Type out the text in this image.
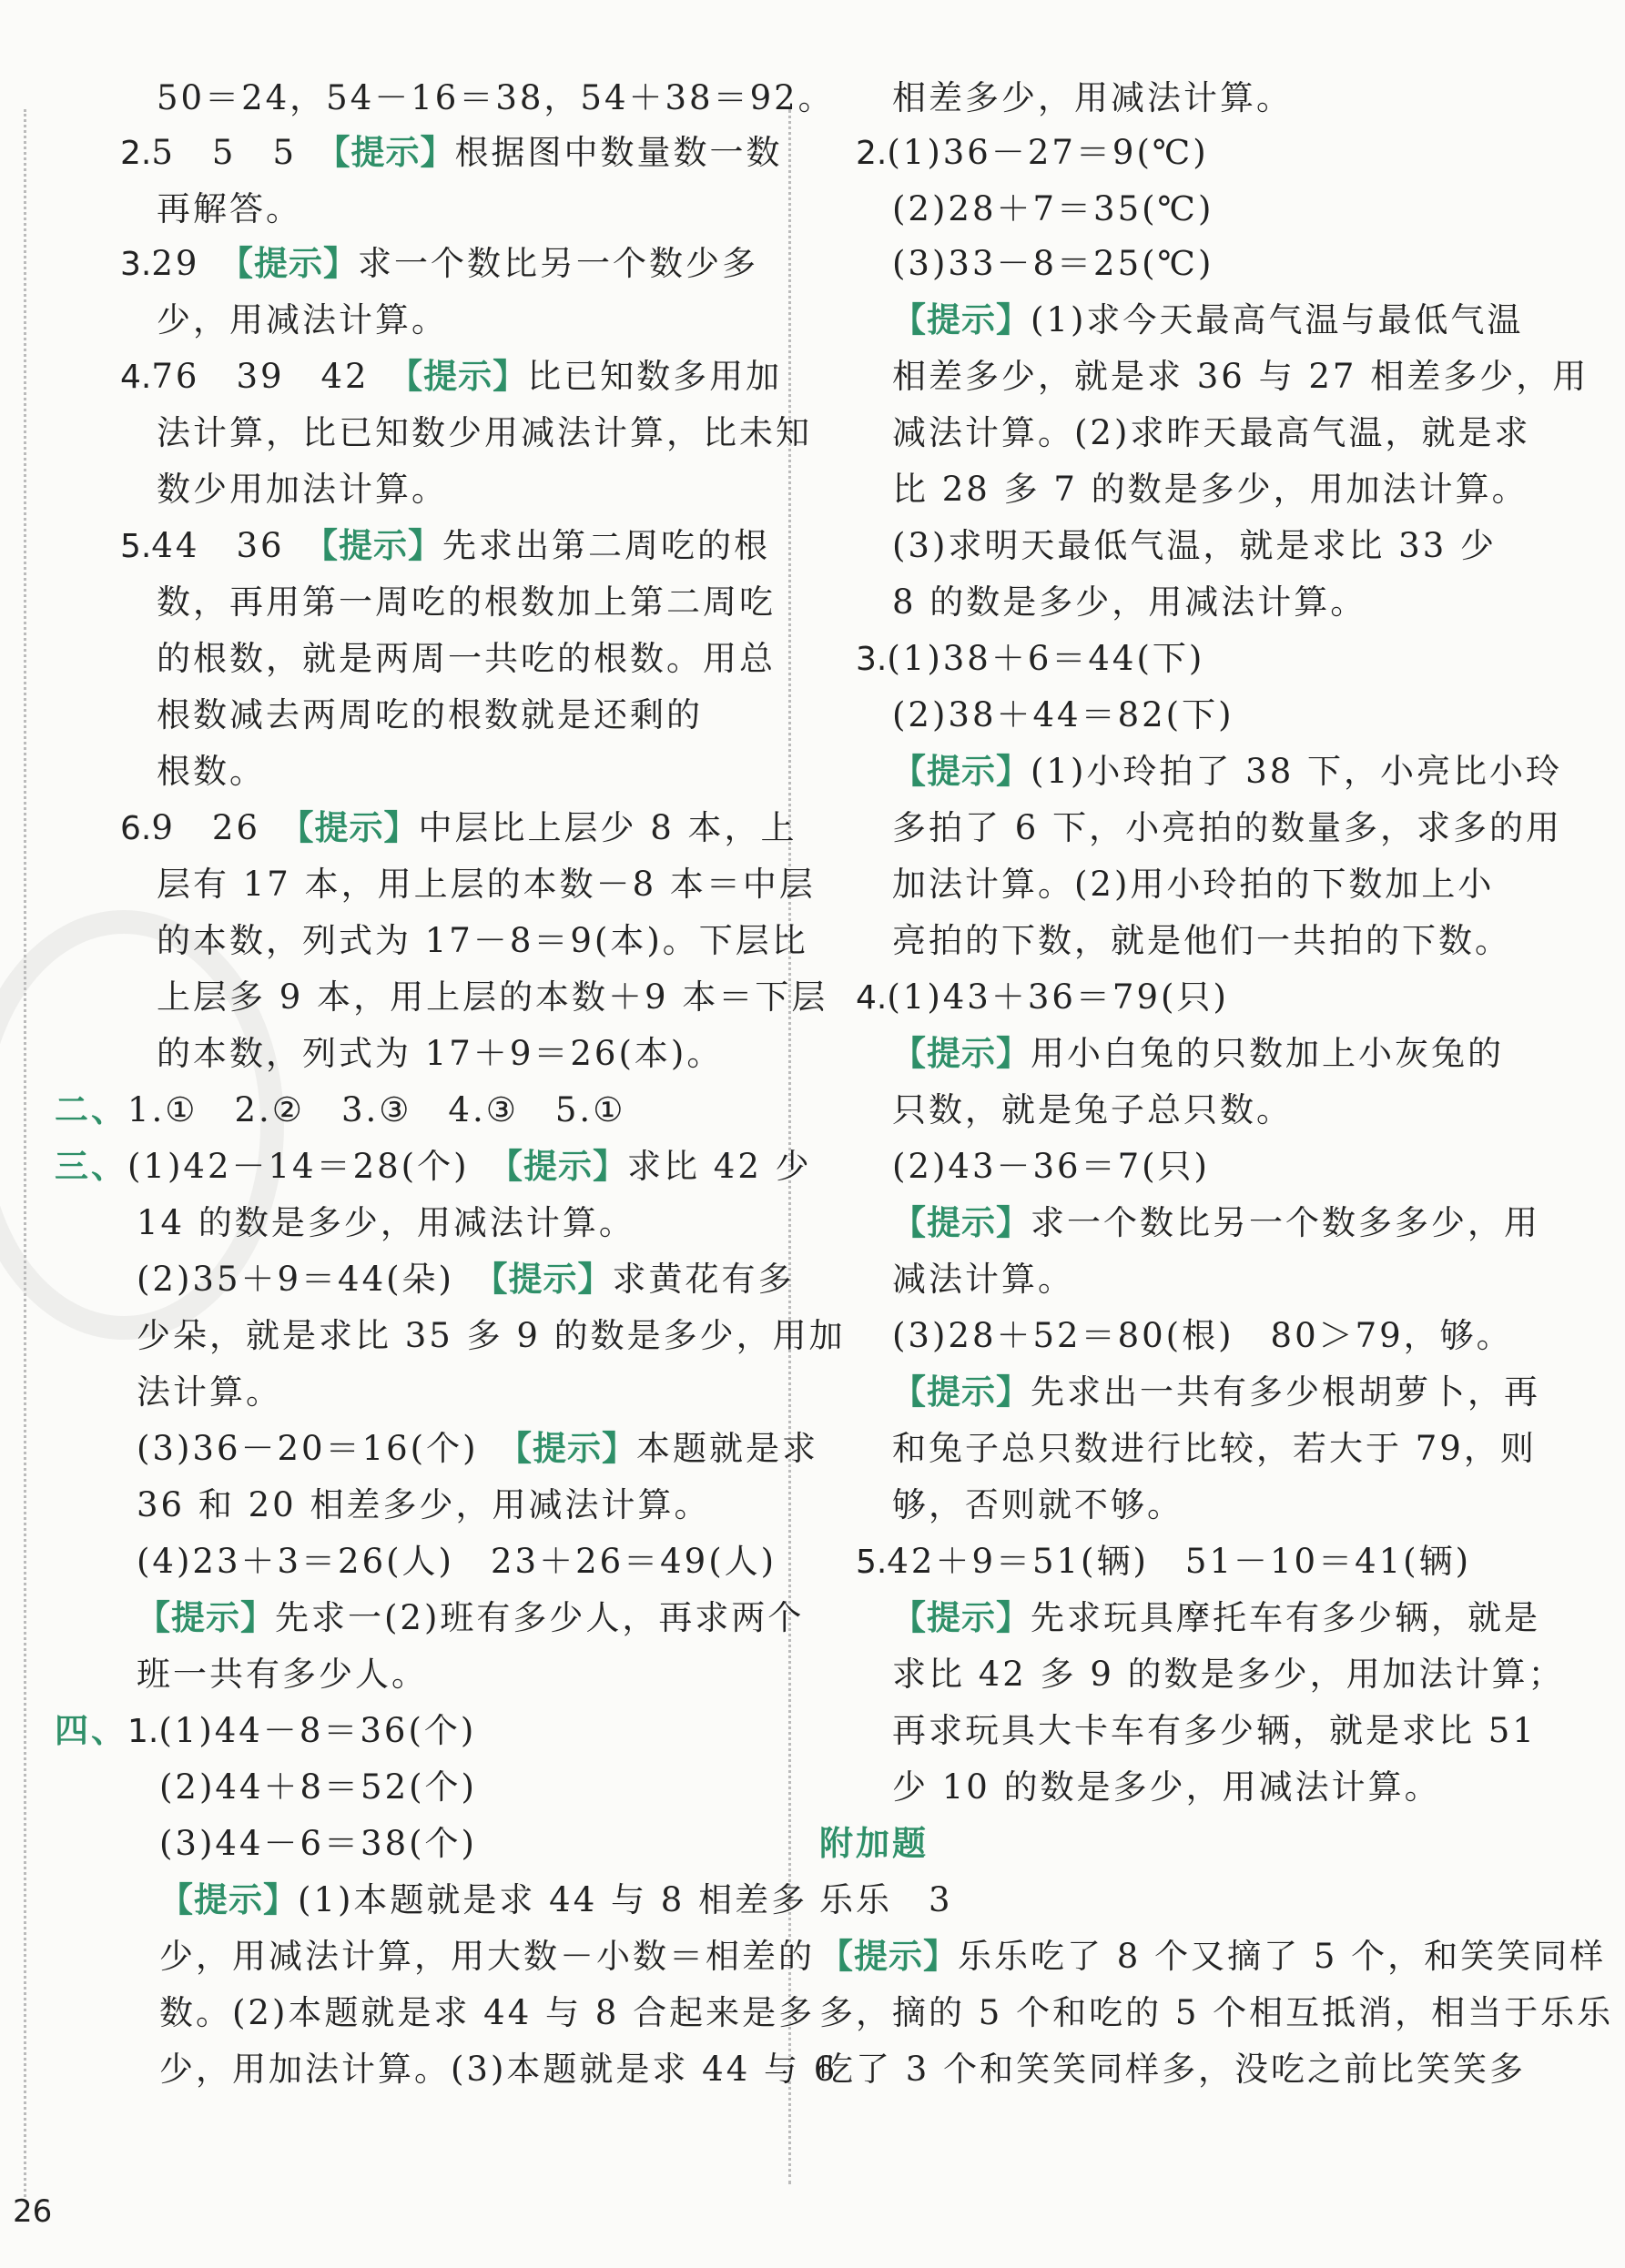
50＝24，54－16＝38，54＋38＝92。
2.5　5　5　【提示】根据图中数量数一数
再解答。
3.29　【提示】求一个数比另一个数少多
少，用减法计算。
4.76　39　42　【提示】比已知数多用加
法计算，比已知数少用减法计算，比未知
数少用加法计算。
5.44　36　【提示】先求出第二周吃的根
数，再用第一周吃的根数加上第二周吃
的根数，就是两周一共吃的根数。用总
根数减去两周吃的根数就是还剩的
根数。
6.9　26　【提示】中层比上层少 8 本，上
层有 17 本，用上层的本数－8 本＝中层
的本数，列式为 17－8＝9(本)。下层比
上层多 9 本，用上层的本数＋9 本＝下层
的本数，列式为 17＋9＝26(本)。
二、1.①　2.②　3.③　4.③　5.①
三、(1)42－14＝28(个)　【提示】求比 42 少
14 的数是多少，用减法计算。
(2)35＋9＝44(朵)　【提示】求黄花有多
少朵，就是求比 35 多 9 的数是多少，用加
法计算。
(3)36－20＝16(个)　【提示】本题就是求
36 和 20 相差多少，用减法计算。
(4)23＋3＝26(人)　23＋26＝49(人)
【提示】先求一(2)班有多少人，再求两个
班一共有多少人。
四、1.(1)44－8＝36(个)
(2)44＋8＝52(个)
(3)44－6＝38(个)
【提示】(1)本题就是求 44 与 8 相差多
少，用减法计算，用大数－小数＝相差的
数。(2)本题就是求 44 与 8 合起来是多
少，用加法计算。(3)本题就是求 44 与 6
相差多少，用减法计算。
2.(1)36－27＝9(℃)
(2)28＋7＝35(℃)
(3)33－8＝25(℃)
【提示】(1)求今天最高气温与最低气温
相差多少，就是求 36 与 27 相差多少，用
减法计算。(2)求昨天最高气温，就是求
比 28 多 7 的数是多少，用加法计算。
(3)求明天最低气温，就是求比 33 少
8 的数是多少，用减法计算。
3.(1)38＋6＝44(下)
(2)38＋44＝82(下)
【提示】(1)小玲拍了 38 下，小亮比小玲
多拍了 6 下，小亮拍的数量多，求多的用
加法计算。(2)用小玲拍的下数加上小
亮拍的下数，就是他们一共拍的下数。
4.(1)43＋36＝79(只)
【提示】用小白兔的只数加上小灰兔的
只数，就是兔子总只数。
(2)43－36＝7(只)
【提示】求一个数比另一个数多多少，用
减法计算。
(3)28＋52＝80(根)　80＞79，够。
【提示】先求出一共有多少根胡萝卜，再
和兔子总只数进行比较，若大于 79，则
够，否则就不够。
5.42＋9＝51(辆)　51－10＝41(辆)
【提示】先求玩具摩托车有多少辆，就是
求比 42 多 9 的数是多少，用加法计算；
再求玩具大卡车有多少辆，就是求比 51
少 10 的数是多少，用减法计算。
附加题
乐乐　3
【提示】乐乐吃了 8 个又摘了 5 个，和笑笑同样
多，摘的 5 个和吃的 5 个相互抵消，相当于乐乐
吃了 3 个和笑笑同样多，没吃之前比笑笑多
26
